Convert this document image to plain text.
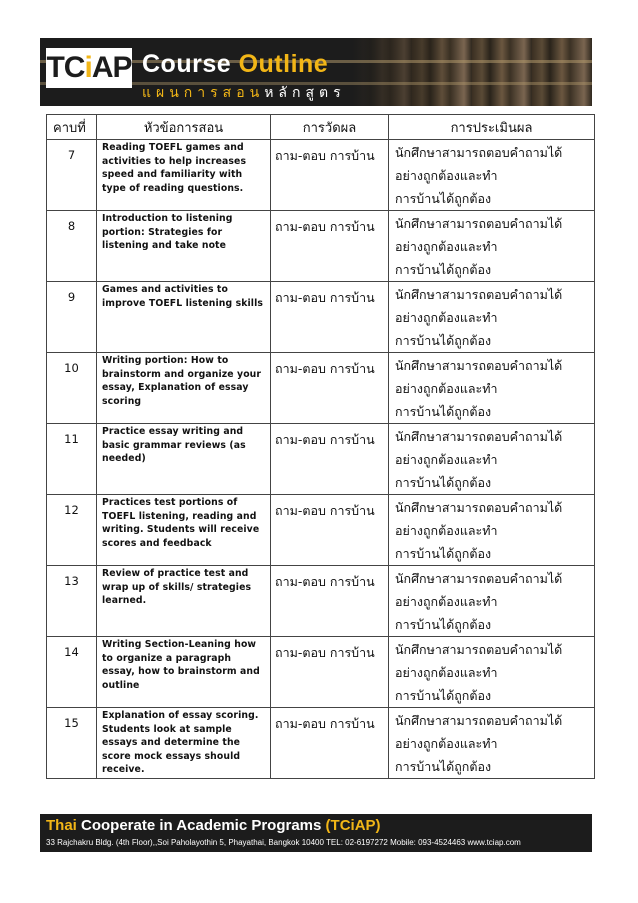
TCiAP Course Outline
แผนการสอนหลักสูตร
คาบที่	หัวข้อการสอน	การวัดผล	การประเมินผล
7	Reading TOEFL games and activities to help increases speed and familiarity with type of reading questions.	ถาม-ตอบ การบ้าน	นักศึกษาสามารถตอบคำถามได้
อย่างถูกต้องและทำ
การบ้านได้ถูกต้อง

8	Introduction to listening portion: Strategies for listening and take note	ถาม-ตอบ การบ้าน	นักศึกษาสามารถตอบคำถามได้
อย่างถูกต้องและทำ
การบ้านได้ถูกต้อง

9	Games and activities to improve TOEFL listening skills	ถาม-ตอบ การบ้าน	นักศึกษาสามารถตอบคำถามได้
อย่างถูกต้องและทำ
การบ้านได้ถูกต้อง

10	Writing portion: How to brainstorm and organize your essay, Explanation of essay scoring	ถาม-ตอบ การบ้าน	นักศึกษาสามารถตอบคำถามได้
อย่างถูกต้องและทำ
การบ้านได้ถูกต้อง

11	Practice essay writing and basic grammar reviews (as needed)	ถาม-ตอบ การบ้าน	นักศึกษาสามารถตอบคำถามได้
อย่างถูกต้องและทำ
การบ้านได้ถูกต้อง

12	Practices test portions of TOEFL listening, reading and writing. Students will receive scores and feedback	ถาม-ตอบ การบ้าน	นักศึกษาสามารถตอบคำถามได้
อย่างถูกต้องและทำ
การบ้านได้ถูกต้อง

13	Review of practice test and wrap up of skills/ strategies learned.	ถาม-ตอบ การบ้าน	นักศึกษาสามารถตอบคำถามได้
อย่างถูกต้องและทำ
การบ้านได้ถูกต้อง

14	Writing Section-Leaning how to organize a paragraph essay, how to brainstorm and outline	ถาม-ตอบ การบ้าน	นักศึกษาสามารถตอบคำถามได้
อย่างถูกต้องและทำ
การบ้านได้ถูกต้อง

15	Explanation of essay scoring. Students look at sample essays and determine the score mock essays should receive.	ถาม-ตอบ การบ้าน	นักศึกษาสามารถตอบคำถามได้
อย่างถูกต้องและทำ
การบ้านได้ถูกต้อง
Thai Cooperate in Academic Programs (TCiAP)
33 Rajchakru Bldg. (4th Floor),,Soi Paholayothin 5, Phayathai, Bangkok 10400 TEL: 02-6197272 Mobile: 093-4524463 www.tciap.com
